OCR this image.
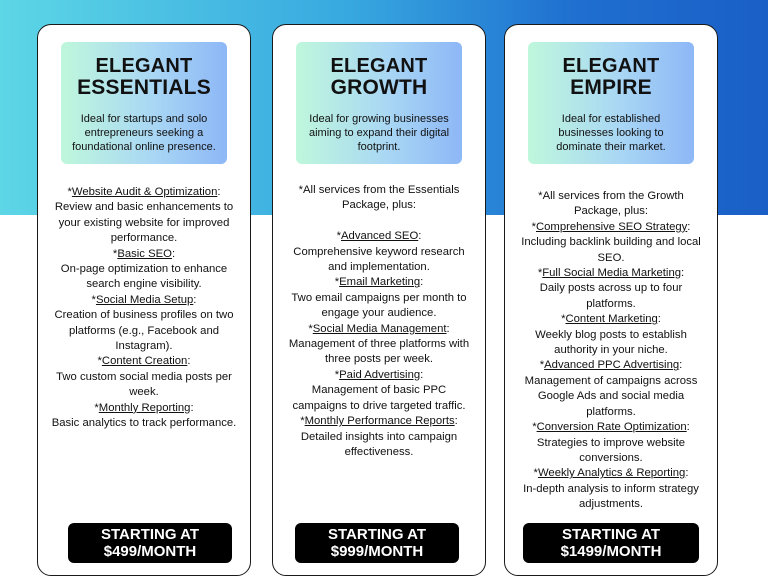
ELEGANT
ESSENTIALS
Ideal for startups and solo entrepreneurs seeking a foundational online presence.
*Website Audit & Optimization:
Review and basic enhancements to your existing website for improved performance.
*Basic SEO:
On-page optimization to enhance search engine visibility.
*Social Media Setup:
Creation of business profiles on two platforms (e.g., Facebook and Instagram).
*Content Creation:
Two custom social media posts per week.
*Monthly Reporting:
Basic analytics to track performance.
STARTING AT
$499/MONTH
ELEGANT
GROWTH
Ideal for growing businesses aiming to expand their digital footprint.
*All services from the Essentials Package, plus:

*Advanced SEO:
Comprehensive keyword research and implementation.
*Email Marketing:
Two email campaigns per month to engage your audience.
*Social Media Management:
Management of three platforms with three posts per week.
*Paid Advertising:
Management of basic PPC campaigns to drive targeted traffic.
*Monthly Performance Reports:
Detailed insights into campaign effectiveness.
STARTING AT
$999/MONTH
ELEGANT
EMPIRE
Ideal for established businesses looking to dominate their market.
*All services from the Growth Package, plus:
*Comprehensive SEO Strategy:
Including backlink building and local SEO.
*Full Social Media Marketing:
Daily posts across up to four platforms.
*Content Marketing:
Weekly blog posts to establish authority in your niche.
*Advanced PPC Advertising:
Management of campaigns across Google Ads and social media platforms.
*Conversion Rate Optimization:
Strategies to improve website conversions.
*Weekly Analytics & Reporting:
In-depth analysis to inform strategy adjustments.
STARTING AT
$1499/MONTH
